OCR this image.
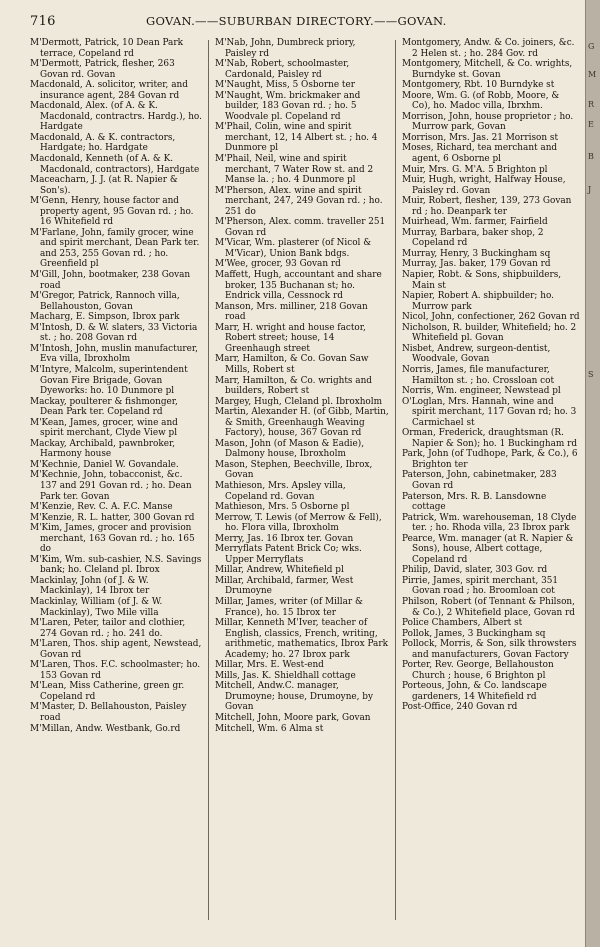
716	GOVAN.——SUBURBAN DIRECTORY.——GOVAN.

M'Dermott, Patrick, 10 Dean Park terrace, Copeland rd

M'Dermott, Patrick, flesher, 263 Govan rd. Govan

Macdonald, A. solicitor, writer, and insurance agent, 284 Govan rd

Macdonald, Alex. (of A. & K. Macdonald, contractrs. Hardg.), ho. Hardgate

Macdonald, A. & K. contractors, Hardgate; ho. Hardgate

Macdonald, Kenneth (of A. & K. Macdonald, contractors), Hardgate

Maceacharn, J. J. (at R. Napier & Son's).

M'Genn, Henry, house factor and property agent, 95 Govan rd. ; ho. 16 Whitefield rd

M'Farlane, John, family grocer, wine and spirit merchant, Dean Park ter. and 253, 255 Govan rd. ; ho. Greenfield pl

M'Gill, John, bootmaker, 238 Govan road

M'Gregor, Patrick, Rannoch villa, Bellahouston, Govan

Macharg, E. Simpson, Ibrox park

M'Intosh, D. & W. slaters, 33 Victoria st. ; ho. 208 Govan rd

M'Intosh, John, muslin manufacturer, Eva villa, Ibroxholm

M'Intyre, Malcolm, superintendent Govan Fire Brigade, Govan Dyeworks: ho. 10 Dunmore pl

Mackay, poulterer & fishmonger, Dean Park ter. Copeland rd

M'Kean, James, grocer, wine and spirit merchant, Clyde View pl

Mackay, Archibald, pawnbroker, Harmony house

M'Kechnie, Daniel W. Govandale.

M'Kechnie, John, tobacconist, &c. 137 and 291 Govan rd. ; ho. Dean Park ter. Govan

M'Kenzie, Rev. C. A. F.C. Manse

M'Kenzie, R. L. hatter, 300 Govan rd

M'Kim, James, grocer and provision merchant, 163 Govan rd. ; ho. 165 do

M'Kim, Wm. sub-cashier, N.S. Savings bank; ho. Cleland pl. Ibrox

Mackinlay, John (of J. & W. Mackinlay), 14 Ibrox ter

Mackinlay, William (of J. & W. Mackinlay), Two Mile villa

M'Laren, Peter, tailor and clothier, 274 Govan rd. ; ho. 241 do.

M'Laren, Thos. ship agent, Newstead, Govan rd

M'Laren, Thos. F.C. schoolmaster; ho. 153 Govan rd

M'Lean, Miss Catherine, green gr. Copeland rd

M'Master, D. Bellahouston, Paisley road

M'Millan, Andw. Westbank, Go.rd

M'Nab, John, Dumbreck priory, Paisley rd

M'Nab, Robert, schoolmaster, Cardonald, Paisley rd

M'Naught, Miss, 5 Osborne ter

M'Naught, Wm. brickmaker and builder, 183 Govan rd. ; ho. 5 Woodvale pl. Copeland rd

M'Phail, Colin, wine and spirit merchant, 12, 14 Albert st. ; ho. 4 Dunmore pl

M'Phail, Neil, wine and spirit merchant, 7 Water Row st. and 2 Manse la. ; ho. 4 Dunmore pl

M'Pherson, Alex. wine and spirit merchant, 247, 249 Govan rd. ; ho. 251 do

M'Pherson, Alex. comm. traveller 251 Govan rd

M'Vicar, Wm. plasterer (of Nicol & M'Vicar), Union Bank bdgs.

M'Wee, grocer, 93 Govan rd

Maffett, Hugh, accountant and share broker, 135 Buchanan st; ho. Endrick villa, Cessnock rd

Manson, Mrs. milliner, 218 Govan road

Marr, H. wright and house factor, Robert street; house, 14 Greenhaugh street

Marr, Hamilton, & Co. Govan Saw Mills, Robert st

Marr, Hamilton, & Co. wrights and builders, Robert st

Margey, Hugh, Cleland pl. Ibroxholm

Martin, Alexander H. (of Gibb, Martin, & Smith, Greenhaugh Weaving Factory), house, 367 Govan rd

Mason, John (of Mason & Eadie), Dalmony house, Ibroxholm

Mason, Stephen, Beechville, Ibrox, Govan

Mathieson, Mrs. Apsley villa, Copeland rd. Govan

Mathieson, Mrs. 5 Osborne pl

Merrow, T. Lewis (of Merrow & Fell), ho. Flora villa, Ibroxholm

Merry, Jas. 16 Ibrox ter. Govan

Merryflats Patent Brick Co; wks. Upper Merryflats

Millar, Andrew, Whitefield pl

Millar, Archibald, farmer, West Drumoyne

Millar, James, writer (of Millar & France), ho. 15 Ibrox ter

Millar, Kenneth M'Iver, teacher of English, classics, French, writing, arithmetic, mathematics, Ibrox Park Academy; ho. 27 Ibrox park

Millar, Mrs. E. West-end

Mills, Jas. K. Shieldhall cottage

Mitchell, Andw.C. manager, Drumoyne; house, Drumoyne, by Govan

Mitchell, John, Moore park, Govan

Mitchell, Wm. 6 Alma st

Montgomery, Andw. & Co. joiners, &c. 2 Helen st. ; ho. 284 Gov. rd

Montgomery, Mitchell, & Co. wrights, Burndyke st. Govan

Montgomery, Rbt. 10 Burndyke st

Moore, Wm. G. (of Robb, Moore, & Co), ho. Madoc villa, Ibrxhm.

Morrison, John, house proprietor ; ho. Murrow park, Govan

Morrison, Mrs. Jas. 21 Morrison st

Moses, Richard, tea merchant and agent, 6 Osborne pl

Muir, Mrs. G. M'A. 5 Brighton pl

Muir, Hugh, wright, Halfway House, Paisley rd. Govan

Muir, Robert, flesher, 139, 273 Govan rd ; ho. Deanpark ter

Muirhead, Wm. farmer, Fairfield

Murray, Barbara, baker shop, 2 Copeland rd

Murray, Henry, 3 Buckingham sq

Murray, Jas. baker, 179 Govan rd

Napier, Robt. & Sons, shipbuilders, Main st

Napier, Robert A. shipbuilder; ho. Murrow park

Nicol, John, confectioner, 262 Govan rd

Nicholson, R. builder, Whitefield; ho. 2 Whitefield pl. Govan

Nisbet, Andrew, surgeon-dentist, Woodvale, Govan

Norris, James, file manufacturer, Hamilton st. ; ho. Crossloan cot

Norris, Wm. engineer, Newstead pl

O'Loglan, Mrs. Hannah, wine and spirit merchant, 117 Govan rd; ho. 3 Carmichael st

Orman, Frederick, draughtsman (R. Napier & Son); ho. 1 Buckingham rd

Park, John (of Tudhope, Park, & Co.), 6 Brighton ter

Paterson, John, cabinetmaker, 283 Govan rd

Paterson, Mrs. R. B. Lansdowne cottage

Patrick, Wm. warehouseman, 18 Clyde ter. ; ho. Rhoda villa, 23 Ibrox park

Pearce, Wm. manager (at R. Napier & Sons), house, Albert cottage, Copeland rd

Philip, David, slater, 303 Gov. rd

Pirrie, James, spirit merchant, 351 Govan road ; ho. Broomloan cot

Philson, Robert (of Tennant & Philson, & Co.), 2 Whitefield place, Govan rd

Police Chambers, Albert st

Pollok, James, 3 Buckingham sq

Pollock, Morris, & Son, silk throwsters and manufacturers, Govan Factory

Porter, Rev. George, Bellahouston Church ; house, 6 Brighton pl

Porteous, John, & Co. landscape gardeners, 14 Whitefield rd

Post-Office, 240 Govan rd

G
M
R
E
B
J
S
